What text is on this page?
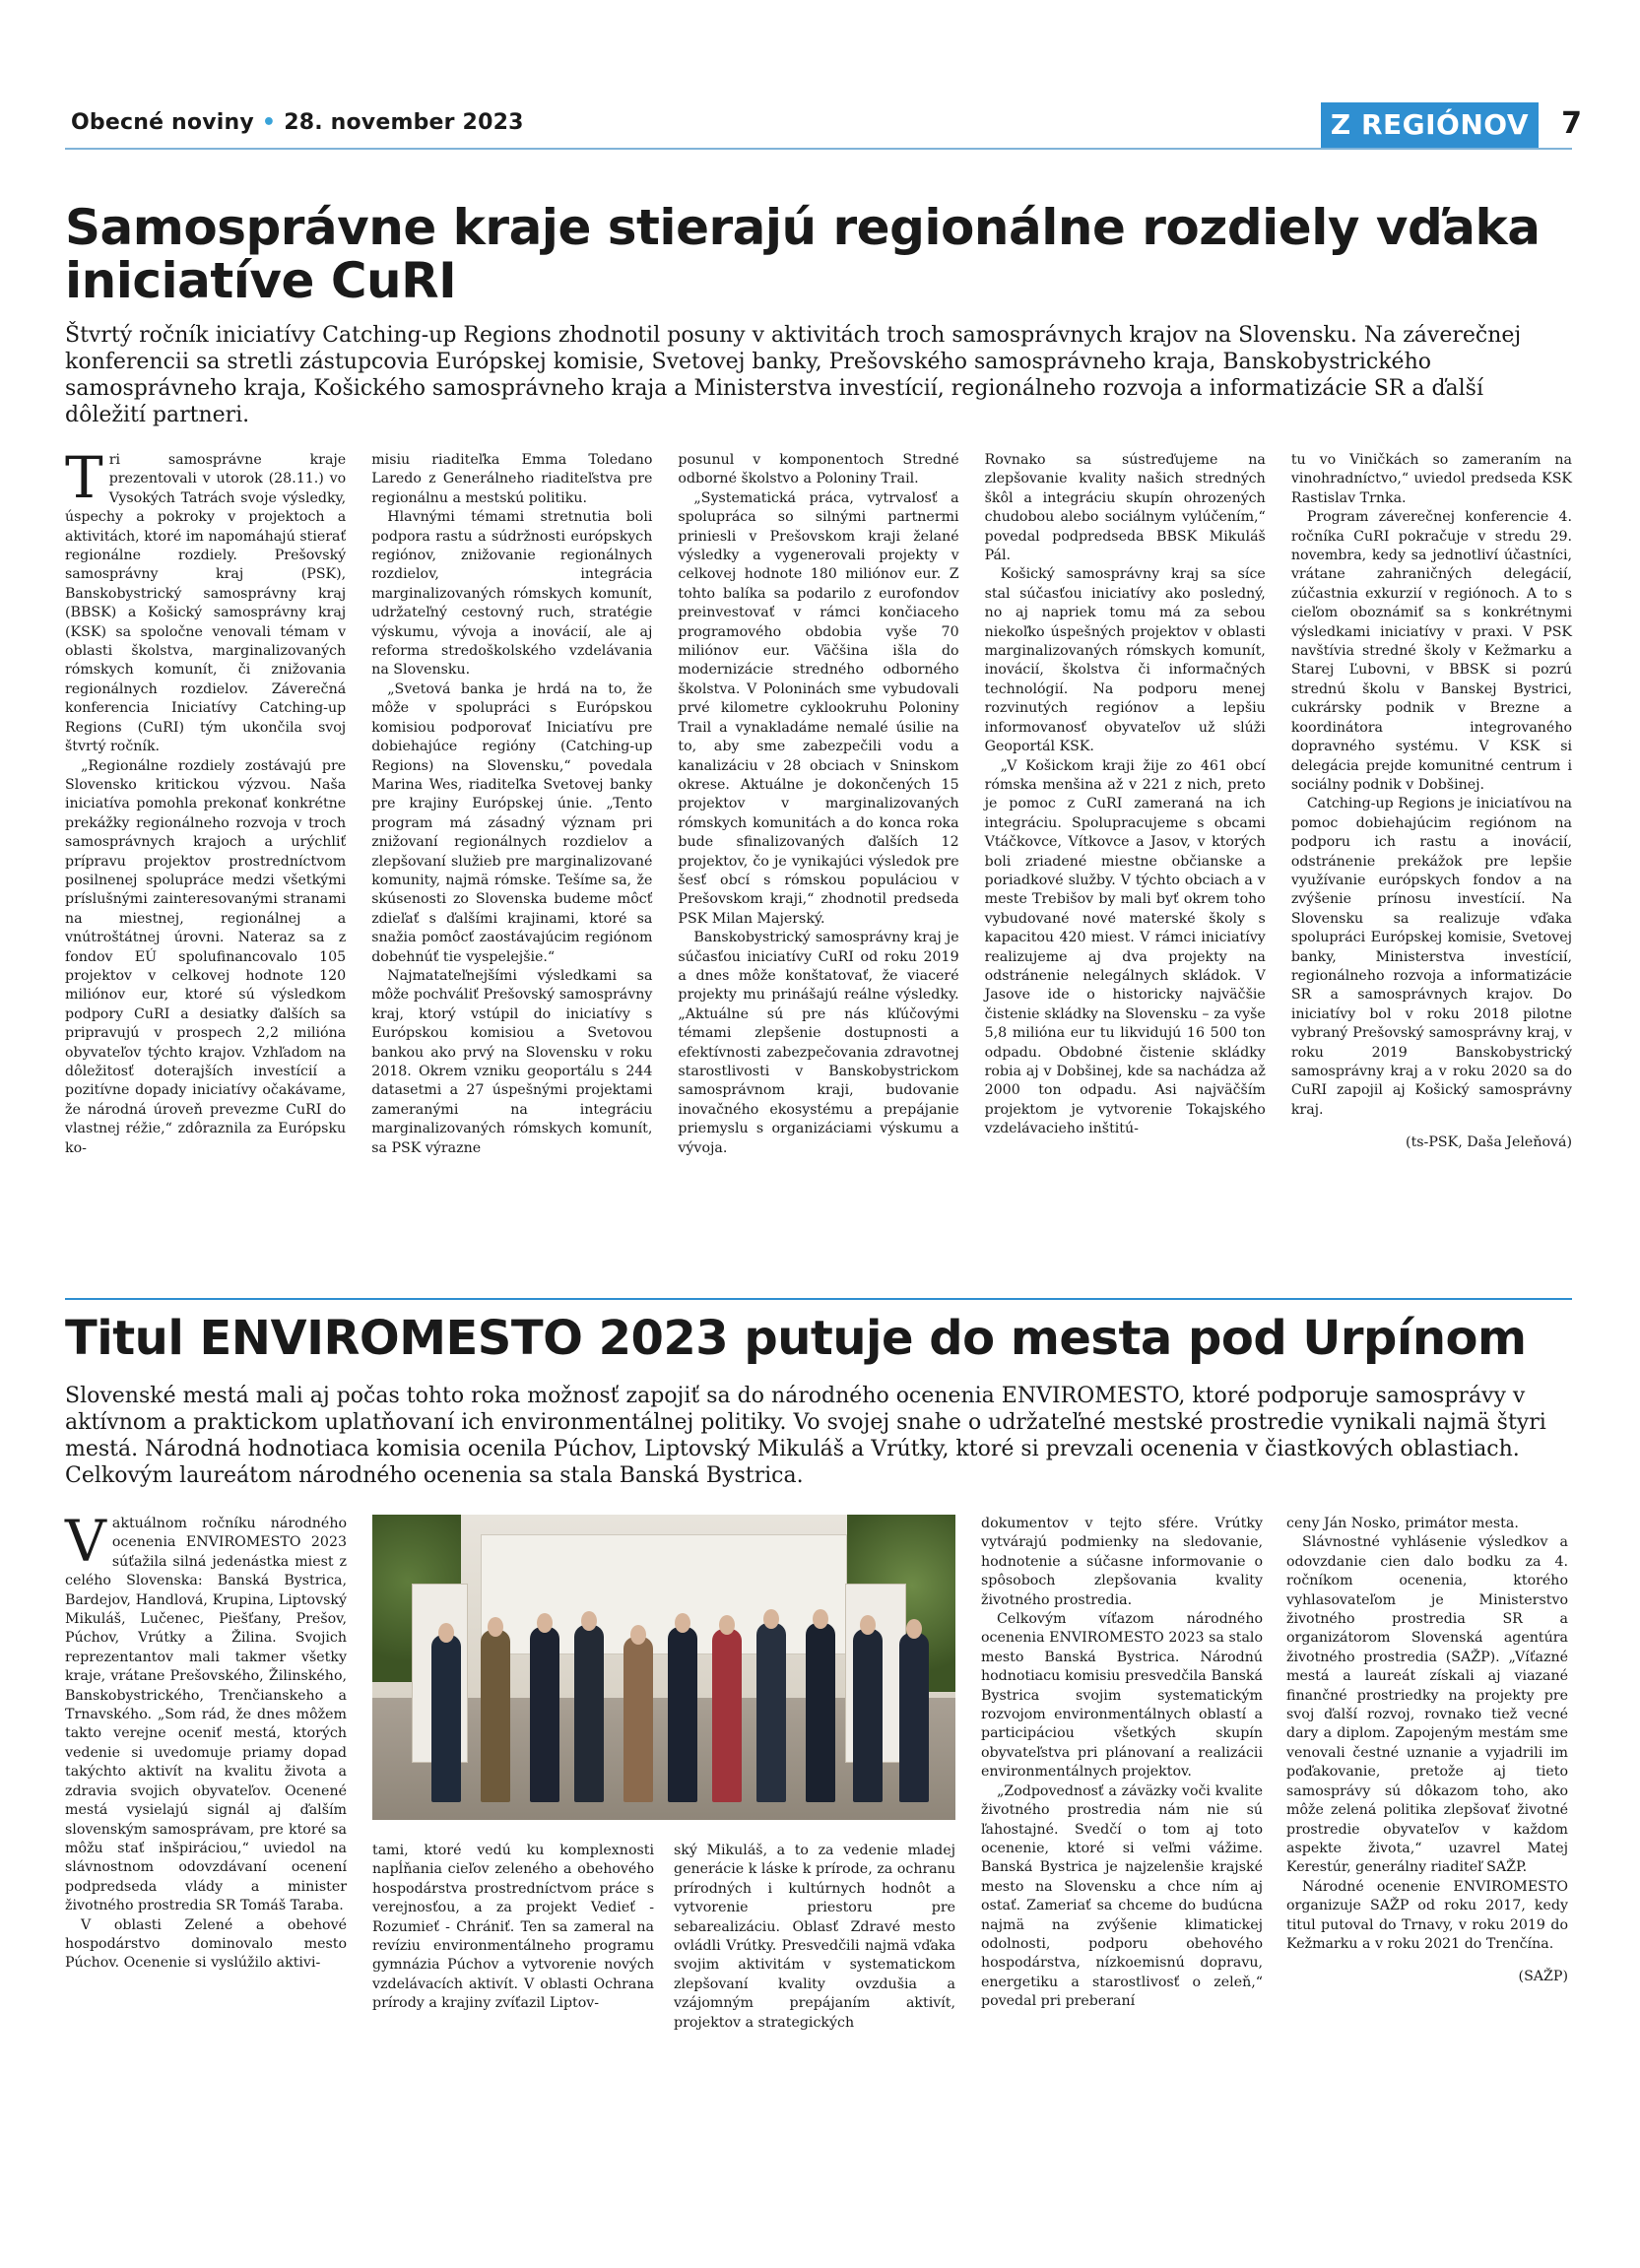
Obecné noviny • 28. november 2023	Z REGIÓNOV	7
Samosprávne kraje stierajú regionálne rozdiely vďaka iniciatíve CuRI
Štvrtý ročník iniciatívy Catching-up Regions zhodnotil posuny v aktivitách troch samosprávnych krajov na Slovensku. Na záverečnej konferencii sa stretli zástupcovia Európskej komisie, Svetovej banky, Prešovského samosprávneho kraja, Banskobystrického samosprávneho kraja, Košického samosprávneho kraja a Ministerstva investícií, regionálneho rozvoja a informatizácie SR a ďalší dôležití partneri.

Tri samosprávne kraje prezentovali v utorok (28.11.) vo Vysokých Tatrách svoje výsledky, úspechy a pokroky v projektoch a aktivitách, ktoré im napomáhajú stierať regionálne rozdiely. Prešovský samosprávny kraj (PSK), Banskobystrický samosprávny kraj (BBSK) a Košický samosprávny kraj (KSK) sa spoločne venovali témam v oblasti školstva, marginalizovaných rómskych komunít, či znižovania regionálnych rozdielov. Záverečná konferencia Iniciatívy Catching-up Regions (CuRI) tým ukončila svoj štvrtý ročník.

„Regionálne rozdiely zostávajú pre Slovensko kritickou výzvou. Naša iniciatíva pomohla prekonať konkrétne prekážky regionálneho rozvoja v troch samosprávnych krajoch a urýchliť prípravu projektov prostredníctvom posilnenej spolupráce medzi všetkými príslušnými zainteresovanými stranami na miestnej, regionálnej a vnútroštátnej úrovni. Nateraz sa z fondov EÚ spolufinancovalo 105 projektov v celkovej hodnote 120 miliónov eur, ktoré sú výsledkom podpory CuRI a desiatky ďalších sa pripravujú v prospech 2,2 milióna obyvateľov týchto krajov. Vzhľadom na dôležitosť doterajších investícií a pozitívne dopady iniciatívy očakávame, že národná úroveň prevezme CuRI do vlastnej réžie,“ zdôraznila za Európsku ko-

misiu riaditeľka Emma Toledano Laredo z Generálneho riaditeľstva pre regionálnu a mestskú politiku.

Hlavnými témami stretnutia boli podpora rastu a súdržnosti európskych regiónov, znižovanie regionálnych rozdielov, integrácia marginalizovaných rómskych komunít, udržateľný cestovný ruch, stratégie výskumu, vývoja a inovácií, ale aj reforma stredoškolského vzdelávania na Slovensku.

„Svetová banka je hrdá na to, že môže v spolupráci s Európskou komisiou podporovať Iniciatívu pre dobiehajúce regióny (Catching-up Regions) na Slovensku,“ povedala Marina Wes, riaditeľka Svetovej banky pre krajiny Európskej únie. „Tento program má zásadný význam pri znižovaní regionálnych rozdielov a zlepšovaní služieb pre marginalizované komunity, najmä rómske. Tešíme sa, že skúsenosti zo Slovenska budeme môcť zdieľať s ďalšími krajinami, ktoré sa snažia pomôcť zaostávajúcim regiónom dobehnúť tie vyspelejšie.“

Najmatateľnejšími výsledkami sa môže pochváliť Prešovský samosprávny kraj, ktorý vstúpil do iniciatívy s Európskou komisiou a Svetovou bankou ako prvý na Slovensku v roku 2018. Okrem vzniku geoportálu s 244 datasetmi a 27 úspešnými projektami zameranými na integráciu marginalizovaných rómskych komunít, sa PSK výrazne

posunul v komponentoch Stredné odborné školstvo a Poloniny Trail.

„Systematická práca, vytrvalosť a spolupráca so silnými partnermi priniesli v Prešovskom kraji želané výsledky a vygenerovali projekty v celkovej hodnote 180 miliónov eur. Z tohto balíka sa podarilo z eurofondov preinvestovať v rámci končiaceho programového obdobia vyše 70 miliónov eur. Väčšina išla do modernizácie stredného odborného školstva. V Poloninách sme vybudovali prvé kilometre cyklookruhu Poloniny Trail a vynakladáme nemalé úsilie na to, aby sme zabezpečili vodu a kanalizáciu v 28 obciach v Sninskom okrese. Aktuálne je dokončených 15 projektov v marginalizovaných rómskych komunitách a do konca roka bude sfinalizovaných ďalších 12 projektov, čo je vynikajúci výsledok pre šesť obcí s rómskou populáciou v Prešovskom kraji,“ zhodnotil predseda PSK Milan Majerský.

Banskobystrický samosprávny kraj je súčasťou iniciatívy CuRI od roku 2019 a dnes môže konštatovať, že viaceré projekty mu prinášajú reálne výsledky. „Aktuálne sú pre nás kľúčovými témami zlepšenie dostupnosti a efektívnosti zabezpečovania zdravotnej starostlivosti v Banskobystrickom samosprávnom kraji, budovanie inovačného ekosystému a prepájanie priemyslu s organizáciami výskumu a vývoja.

Rovnako sa sústreďujeme na zlepšovanie kvality našich stredných škôl a integráciu skupín ohrozených chudobou alebo sociálnym vylúčením,“ povedal podpredseda BBSK Mikuláš Pál.

Košický samosprávny kraj sa síce stal súčasťou iniciatívy ako posledný, no aj napriek tomu má za sebou niekoľko úspešných projektov v oblasti marginalizovaných rómskych komunít, inovácií, školstva či informačných technológií. Na podporu menej rozvinutých regiónov a lepšiu informovanosť obyvateľov už slúži Geoportál KSK.

„V Košickom kraji žije zo 461 obcí rómska menšina až v 221 z nich, preto je pomoc z CuRI zameraná na ich integráciu. Spolupracujeme s obcami Vtáčkovce, Vítkovce a Jasov, v ktorých boli zriadené miestne občianske a poriadkové služby. V týchto obciach a v meste Trebišov by mali byť okrem toho vybudované nové materské školy s kapacitou 420 miest. V rámci iniciatívy realizujeme aj dva projekty na odstránenie nelegálnych skládok. V Jasove ide o historicky najväčšie čistenie skládky na Slovensku – za vyše 5,8 milióna eur tu likvidujú 16 500 ton odpadu. Obdobné čistenie skládky robia aj v Dobšinej, kde sa nachádza až 2000 ton odpadu. Asi najväčším projektom je vytvorenie Tokajského vzdelávacieho inštitú-

tu vo Viničkách so zameraním na vinohradníctvo,“ uviedol predseda KSK Rastislav Trnka.

Program záverečnej konferencie 4. ročníka CuRI pokračuje v stredu 29. novembra, kedy sa jednotliví účastníci, vrátane zahraničných delegácií, zúčastnia exkurzií v regiónoch. A to s cieľom oboznámiť sa s konkrétnymi výsledkami iniciatívy v praxi. V PSK navštívia stredné školy v Kežmarku a Starej Ľubovni, v BBSK si pozrú strednú školu v Banskej Bystrici, cukrársky podnik v Brezne a koordinátora integrovaného dopravného systému. V KSK si delegácia prejde komunitné centrum i sociálny podnik v Dobšinej.

Catching-up Regions je iniciatívou na pomoc dobiehajúcim regiónom na podporu ich rastu a inovácií, odstránenie prekážok pre lepšie využívanie európskych fondov a na zvýšenie prínosu investícií. Na Slovensku sa realizuje vďaka spolupráci Európskej komisie, Svetovej banky, Ministerstva investícií, regionálneho rozvoja a informatizácie SR a samosprávnych krajov. Do iniciatívy bol v roku 2018 pilotne vybraný Prešovský samosprávny kraj, v roku 2019 Banskobystrický samosprávny kraj a v roku 2020 sa do CuRI zapojil aj Košický samosprávny kraj.

(ts-PSK, Daša Jeleňová)
Titul ENVIROMESTO 2023 putuje do mesta pod Urpínom
Slovenské mestá mali aj počas tohto roka možnosť zapojiť sa do národného ocenenia ENVIROMESTO, ktoré podporuje samosprávy v aktívnom a praktickom uplatňovaní ich environmentálnej politiky. Vo svojej snahe o udržateľné mestské prostredie vynikali najmä štyri mestá. Národná hodnotiaca komisia ocenila Púchov, Liptovský Mikuláš a Vrútky, ktoré si prevzali ocenenia v čiastkových oblastiach. Celkovým laureátom národného ocenenia sa stala Banská Bystrica.

Vaktuálnom ročníku národného ocenenia ENVIROMESTO 2023 súťažila silná jedenástka miest z celého Slovenska: Banská Bystrica, Bardejov, Handlová, Krupina, Liptovský Mikuláš, Lučenec, Piešťany, Prešov, Púchov, Vrútky a Žilina. Svojich reprezentantov mali takmer všetky kraje, vrátane Prešovského, Žilinského, Banskobystrického, Trenčianskeho a Trnavského. „Som rád, že dnes môžem takto verejne oceniť mestá, ktorých vedenie si uvedomuje priamy dopad takýchto aktivít na kvalitu života a zdravia svojich obyvateľov. Ocenené mestá vysielajú signál aj ďalším slovenským samosprávam, pre ktoré sa môžu stať inšpiráciou,“ uviedol na slávnostnom odovzdávaní ocenení podpredseda vlády a minister životného prostredia SR Tomáš Taraba.

V oblasti Zelené a obehové hospodárstvo dominovalo mesto Púchov. Ocenenie si vyslúžilo aktivi-

tami, ktoré vedú ku komplexnosti napĺňania cieľov zeleného a obehového hospodárstva prostredníctvom práce s verejnosťou, a za projekt Vedieť - Rozumieť - Chrániť. Ten sa zameral na revíziu environmentálneho programu gymnázia Púchov a vytvorenie nových vzdelávacích aktivít. V oblasti Ochrana prírody a krajiny zvíťazil Liptov-

ský Mikuláš, a to za vedenie mladej generácie k láske k prírode, za ochranu prírodných i kultúrnych hodnôt a vytvorenie priestoru pre sebarealizáciu. Oblasť Zdravé mesto ovládli Vrútky. Presvedčili najmä vďaka svojim aktivitám v systematickom zlepšovaní kvality ovzdušia a vzájomným prepájaním aktivít, projektov a strategických

dokumentov v tejto sfére. Vrútky vytvárajú podmienky na sledovanie, hodnotenie a súčasne informovanie o spôsoboch zlepšovania kvality životného prostredia.

Celkovým víťazom národného ocenenia ENVIROMESTO 2023 sa stalo mesto Banská Bystrica. Národnú hodnotiacu komisiu presvedčila Banská Bystrica svojim systematickým rozvojom environmentálnych oblastí a participáciou všetkých skupín obyvateľstva pri plánovaní a realizácii environmentálnych projektov.

„Zodpovednosť a záväzky voči kvalite životného prostredia nám nie sú ľahostajné. Svedčí o tom aj toto ocenenie, ktoré si veľmi vážime. Banská Bystrica je najzelenšie krajské mesto na Slovensku a chce ním aj ostať. Zameriať sa chceme do budúcna najmä na zvýšenie klimatickej odolnosti, podporu obehového hospodárstva, nízkoemisnú dopravu, energetiku a starostlivosť o zeleň,“ povedal pri preberaní

ceny Ján Nosko, primátor mesta.

Slávnostné vyhlásenie výsledkov a odovzdanie cien dalo bodku za 4. ročníkom ocenenia, ktorého vyhlasovateľom je Ministerstvo životného prostredia SR a organizátorom Slovenská agentúra životného prostredia (SAŽP). „Víťazné mestá a laureát získali aj viazané finančné prostriedky na projekty pre svoj ďalší rozvoj, rovnako tiež vecné dary a diplom. Zapojeným mestám sme venovali čestné uznanie a vyjadrili im poďakovanie, pretože aj tieto samosprávy sú dôkazom toho, ako môže zelená politika zlepšovať životné prostredie obyvateľov v každom aspekte života,“ uzavrel Matej Kerestúr, generálny riaditeľ SAŽP.

Národné ocenenie ENVIROMESTO organizuje SAŽP od roku 2017, kedy titul putoval do Trnavy, v roku 2019 do Kežmarku a v roku 2021 do Trenčína.

(SAŽP)
